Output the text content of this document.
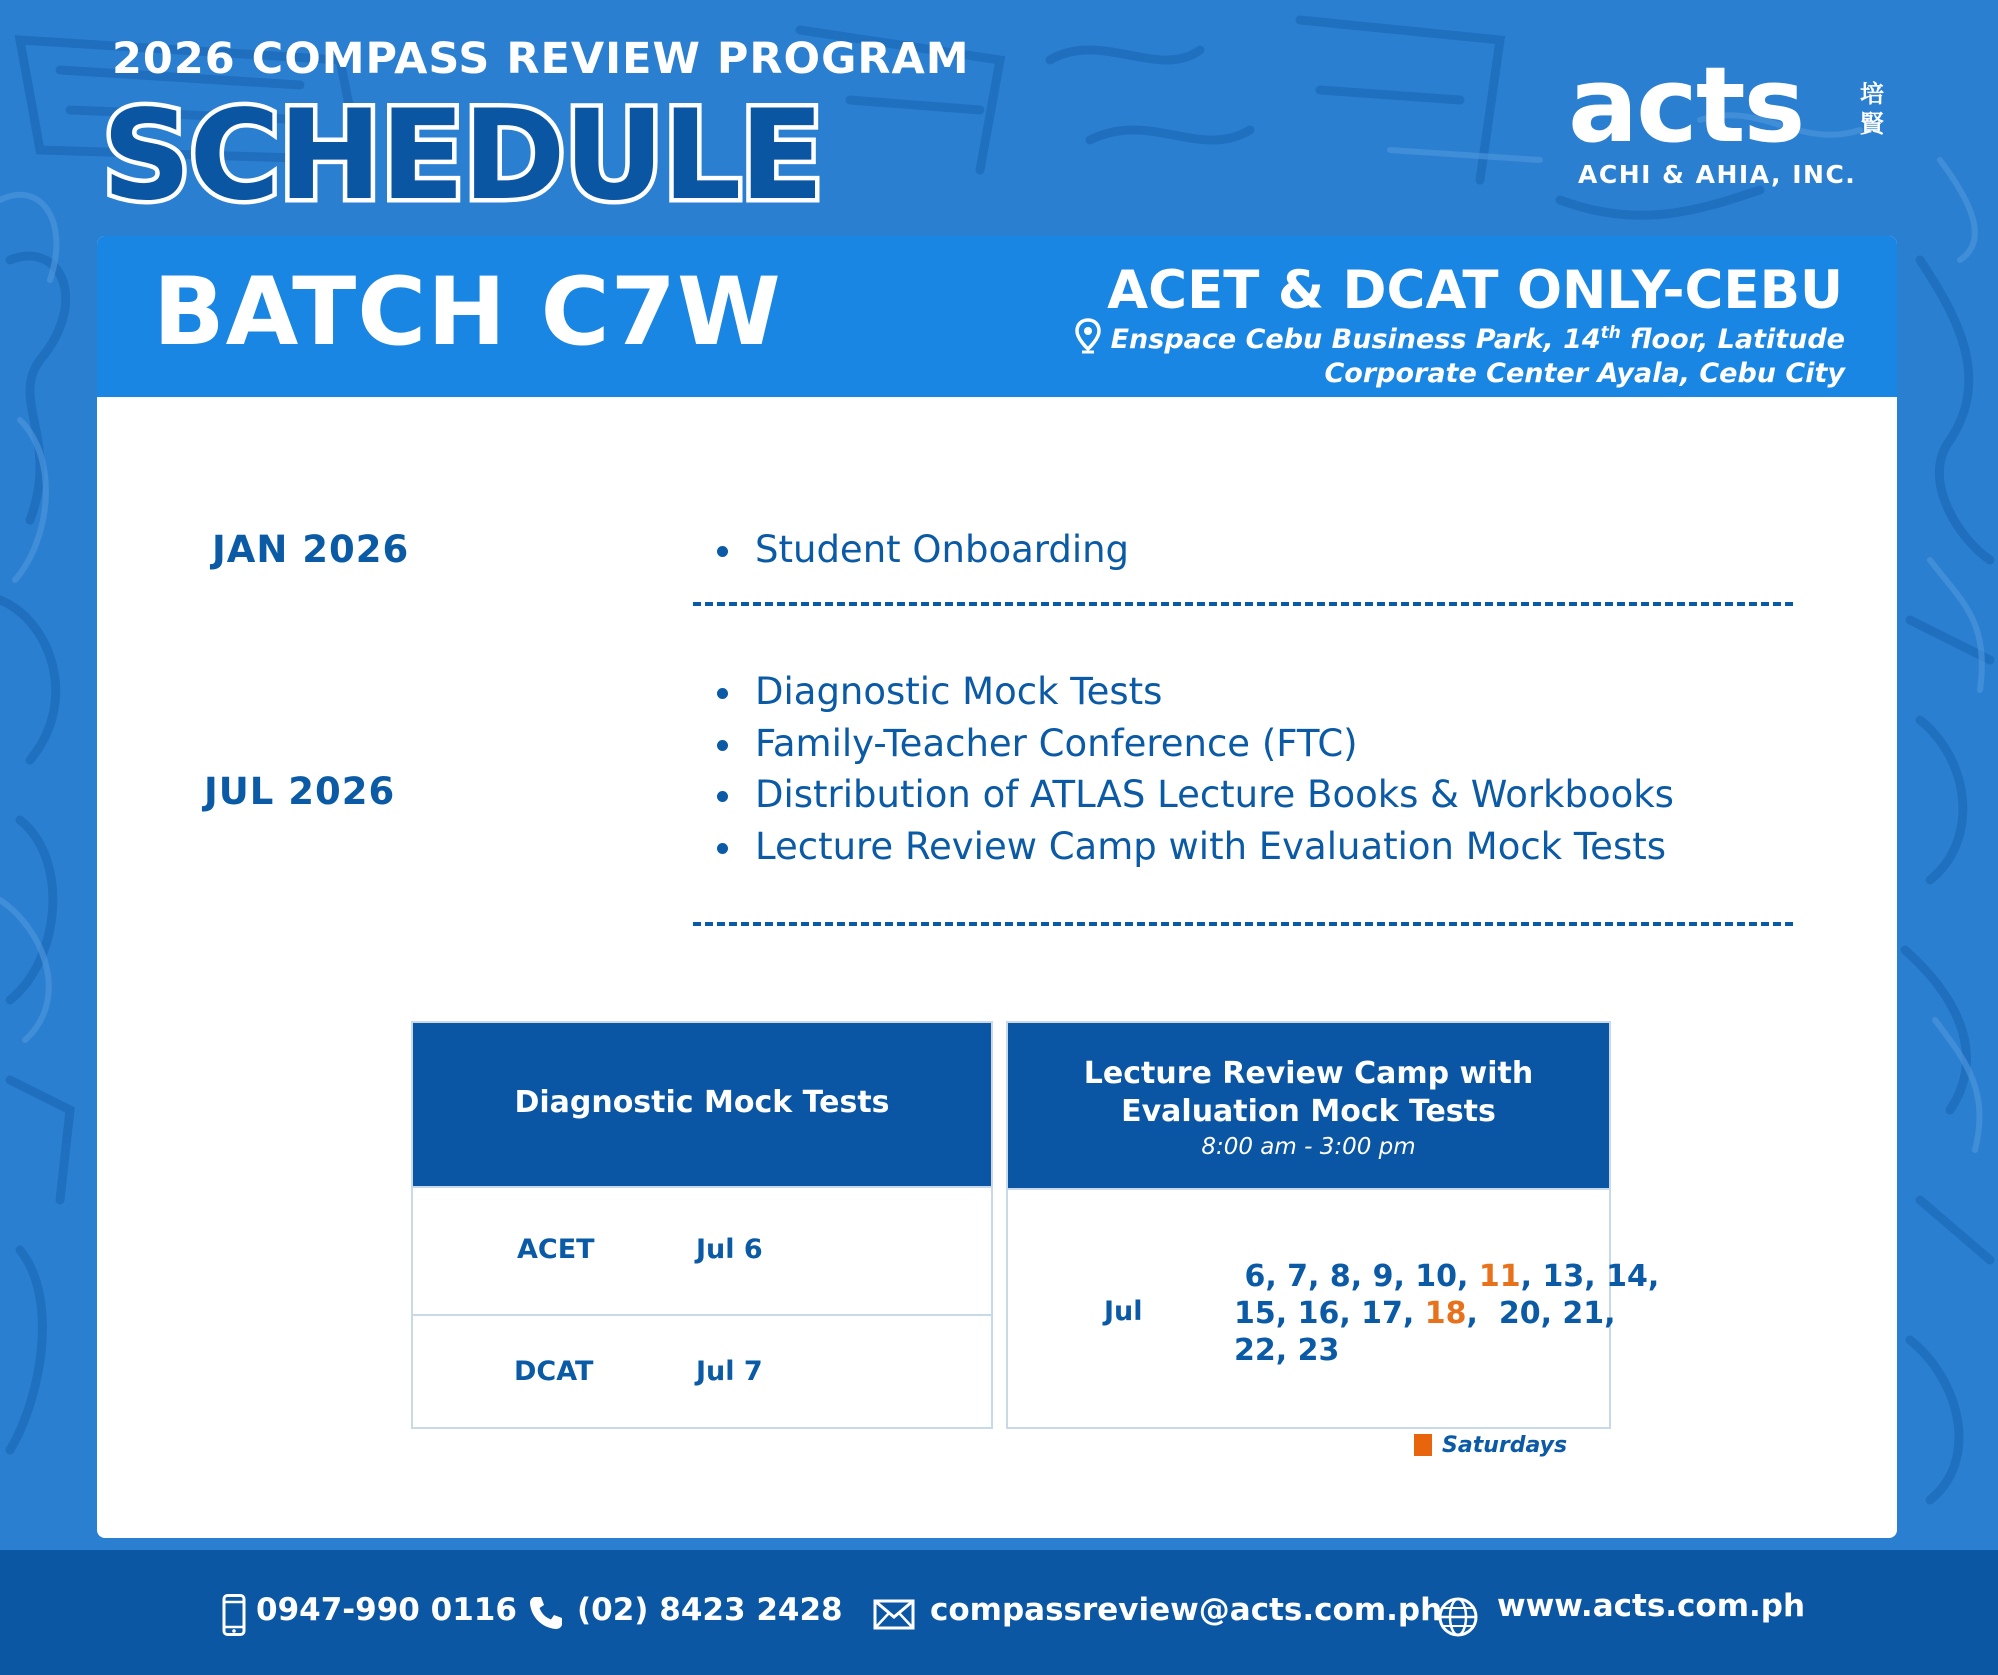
2026 COMPASS REVIEW PROGRAM
SCHEDULE	acts 培賢
ACHI & AHIA, INC.
BATCH C7W	ACET & DCAT ONLY-CEBU
Enspace Cebu Business Park, 14th floor, Latitude
Corporate Center Ayala, Cebu City
JAN 2026	Student Onboarding
JUL 2026
Diagnostic Mock Tests
Family-Teacher Conference (FTC)
Distribution of ATLAS Lecture Books & Workbooks
Lecture Review Camp with Evaluation Mock Tests
Diagnostic Mock Tests
ACET	Jul 6
DCAT	Jul 7
Lecture Review Camp with
Evaluation Mock Tests
8:00 am - 3:00 pm
Jul
6, 7, 8, 9, 10, 11, 13, 14,
15, 16, 17, 18,  20, 21,
22, 23
Saturdays
0947-990 0116 (02) 8423 2428	compassreview@acts.com.ph www.acts.com.ph
